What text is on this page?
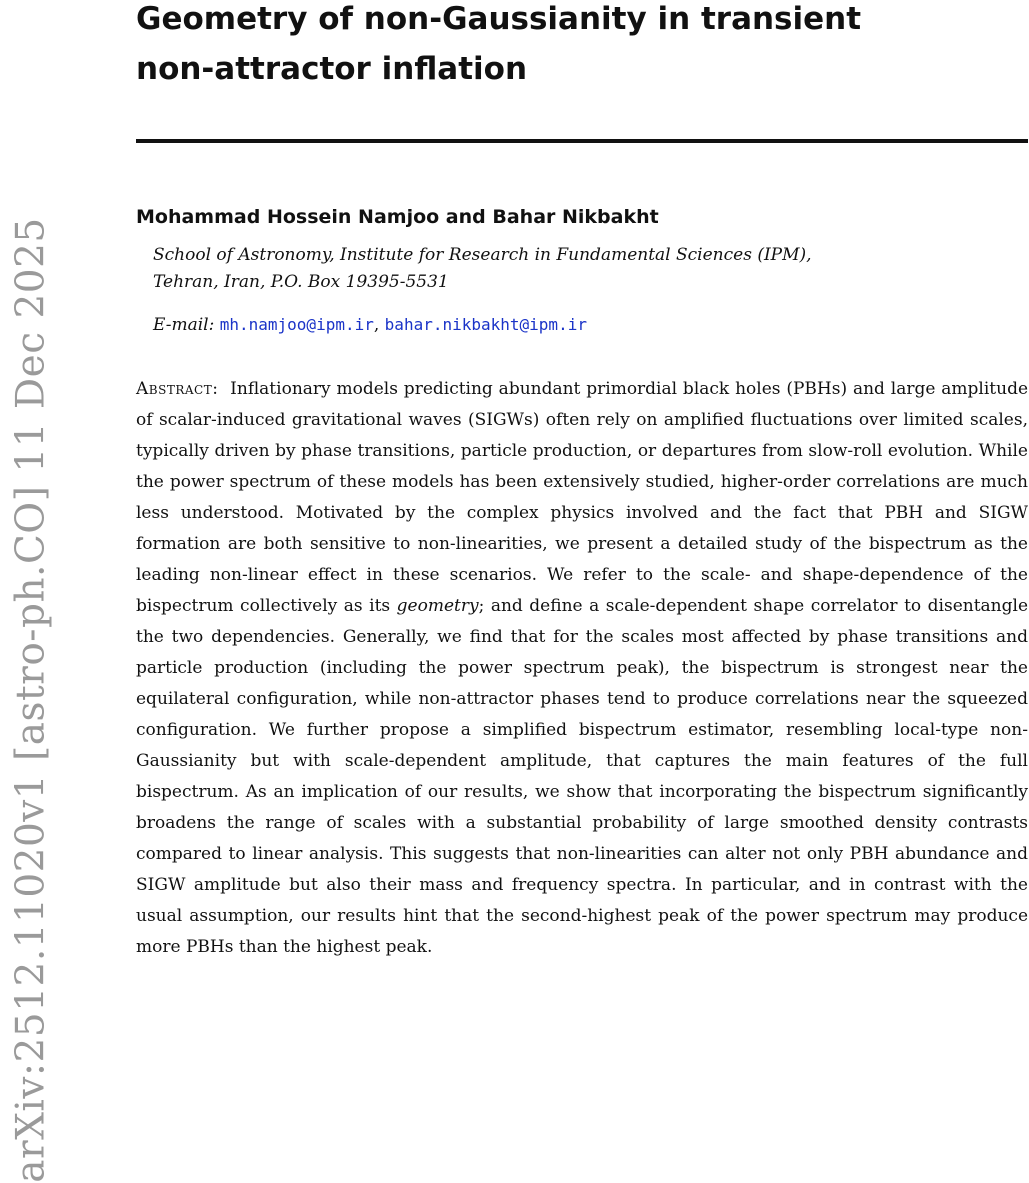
arXiv:2512.11020v1 [astro-ph.CO] 11 Dec 2025
Geometry of non-Gaussianity in transient
non-attractor inflation
Mohammad Hossein Namjoo and Bahar Nikbakht
School of Astronomy, Institute for Research in Fundamental Sciences (IPM),
Tehran, Iran, P.O. Box 19395-5531
E-mail: mh.namjoo@ipm.ir, bahar.nikbakht@ipm.ir
Abstract: Inflationary models predicting abundant primordial black holes (PBHs) and large amplitude of scalar-induced gravitational waves (SIGWs) often rely on amplified fluctuations over limited scales, typically driven by phase transitions, particle production, or departures from slow-roll evolution. While the power spectrum of these models has been extensively studied, higher-order correlations are much less understood. Motivated by the complex physics involved and the fact that PBH and SIGW formation are both sensitive to non-linearities, we present a detailed study of the bispectrum as the leading non-linear effect in these scenarios. We refer to the scale- and shape-dependence of the bispectrum collectively as its geometry; and define a scale-dependent shape correlator to disentangle the two dependencies. Generally, we find that for the scales most affected by phase transitions and particle production (including the power spectrum peak), the bispectrum is strongest near the equilateral configuration, while non-attractor phases tend to produce correlations near the squeezed configuration. We further propose a simplified bispectrum estimator, resembling local-type non-Gaussianity but with scale-dependent amplitude, that captures the main features of the full bispectrum. As an implication of our results, we show that incorporating the bispectrum significantly broadens the range of scales with a substantial probability of large smoothed density contrasts compared to linear analysis. This suggests that non-linearities can alter not only PBH abundance and SIGW amplitude but also their mass and frequency spectra. In particular, and in contrast with the usual assumption, our results hint that the second-highest peak of the power spectrum may produce more PBHs than the highest peak.
